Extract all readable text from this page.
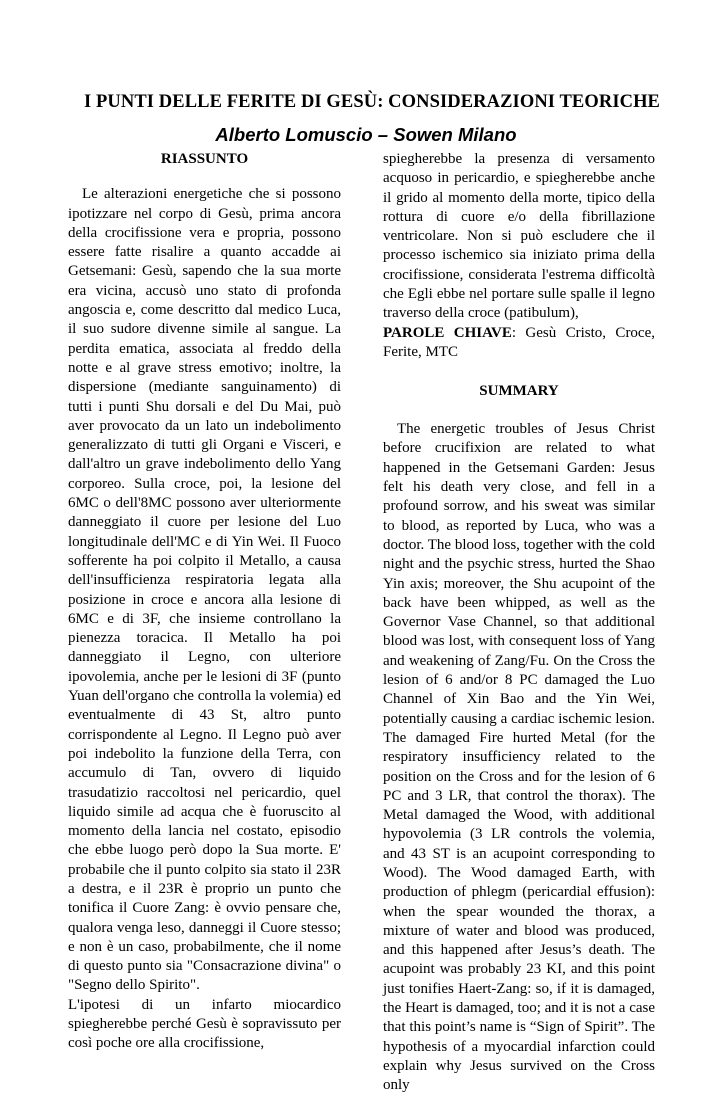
I PUNTI DELLE FERITE DI GESÙ: CONSIDERAZIONI TEORICHE
Alberto Lomuscio – Sowen Milano
RIASSUNTO

Le alterazioni energetiche che si possono ipotizzare nel corpo di Gesù, prima ancora della crocifissione vera e propria, possono essere fatte risalire a quanto accadde ai Getsemani: Gesù, sapendo che la sua morte era vicina, accusò uno stato di profonda angoscia e, come descritto dal medico Luca, il suo sudore divenne simile al sangue. La perdita ematica, associata al freddo della notte e al grave stress emotivo; inoltre, la dispersione (mediante sanguinamento) di tutti i punti Shu dorsali e del Du Mai, può aver provocato da un lato un indebolimento generalizzato di tutti gli Organi e Visceri, e dall'altro un grave indebolimento dello Yang corporeo. Sulla croce, poi, la lesione del 6MC o dell'8MC possono aver ulteriormente danneggiato il cuore per lesione del Luo longitudinale dell'MC e di Yin Wei. Il Fuoco sofferente ha poi colpito il Metallo, a causa dell'insufficienza respiratoria legata alla posizione in croce e ancora alla lesione di 6MC e di 3F, che insieme controllano la pienezza toracica. Il Metallo ha poi danneggiato il Legno, con ulteriore ipovolemia, anche per le lesioni di 3F (punto Yuan dell'organo che controlla la volemia) ed eventualmente di 43 St, altro punto corrispondente al Legno. Il Legno può aver poi indebolito la funzione della Terra, con accumulo di Tan, ovvero di liquido trasudatizio raccoltosi nel pericardio, quel liquido simile ad acqua che è fuoruscito al momento della lancia nel costato, episodio che ebbe luogo però dopo la Sua morte. E' probabile che il punto colpito sia stato il 23R a destra, e il 23R è proprio un punto che tonifica il Cuore Zang: è ovvio pensare che, qualora venga leso, danneggi il Cuore stesso; e non è un caso, probabilmente, che il nome di questo punto sia "Consacrazione divina" o "Segno dello Spirito".

L'ipotesi di un infarto miocardico spiegherebbe perché Gesù è sopravissuto per così poche ore alla crocifissione,

spiegherebbe la presenza di versamento acquoso in pericardio, e spiegherebbe anche il grido al momento della morte, tipico della rottura di cuore e/o della fibrillazione ventricolare. Non si può escludere che il processo ischemico sia iniziato prima della crocifissione, considerata l'estrema difficoltà che Egli ebbe nel portare sulle spalle il legno traverso della croce (patibulum),

PAROLE CHIAVE: Gesù Cristo, Croce, Ferite, MTC

SUMMARY

The energetic troubles of Jesus Christ before crucifixion are related to what happened in the Getsemani Garden: Jesus felt his death very close, and fell in a profound sorrow, and his sweat was similar to blood, as reported by Luca, who was a doctor. The blood loss, together with the cold night and the psychic stress, hurted the Shao Yin axis; moreover, the Shu acupoint of the back have been whipped, as well as the Governor Vase Channel, so that additional blood was lost, with consequent loss of Yang and weakening of Zang/Fu. On the Cross the lesion of 6 and/or 8 PC damaged the Luo Channel of Xin Bao and the Yin Wei, potentially causing a cardiac ischemic lesion. The damaged Fire hurted Metal (for the respiratory insufficiency related to the position on the Cross and for the lesion of 6 PC and 3 LR, that control the thorax). The Metal damaged the Wood, with additional hypovolemia (3 LR controls the volemia, and 43 ST is an acupoint corresponding to Wood). The Wood damaged Earth, with production of phlegm (pericardial effusion): when the spear wounded the thorax, a mixture of water and blood was produced, and this happened after Jesus’s death. The acupoint was probably 23 KI, and this point just tonifies Haert-Zang: so, if it is damaged, the Heart is damaged, too; and it is not a case that this point’s name is “Sign of Spirit”. The hypothesis of a myocardial infarction could explain why Jesus survived on the Cross only
